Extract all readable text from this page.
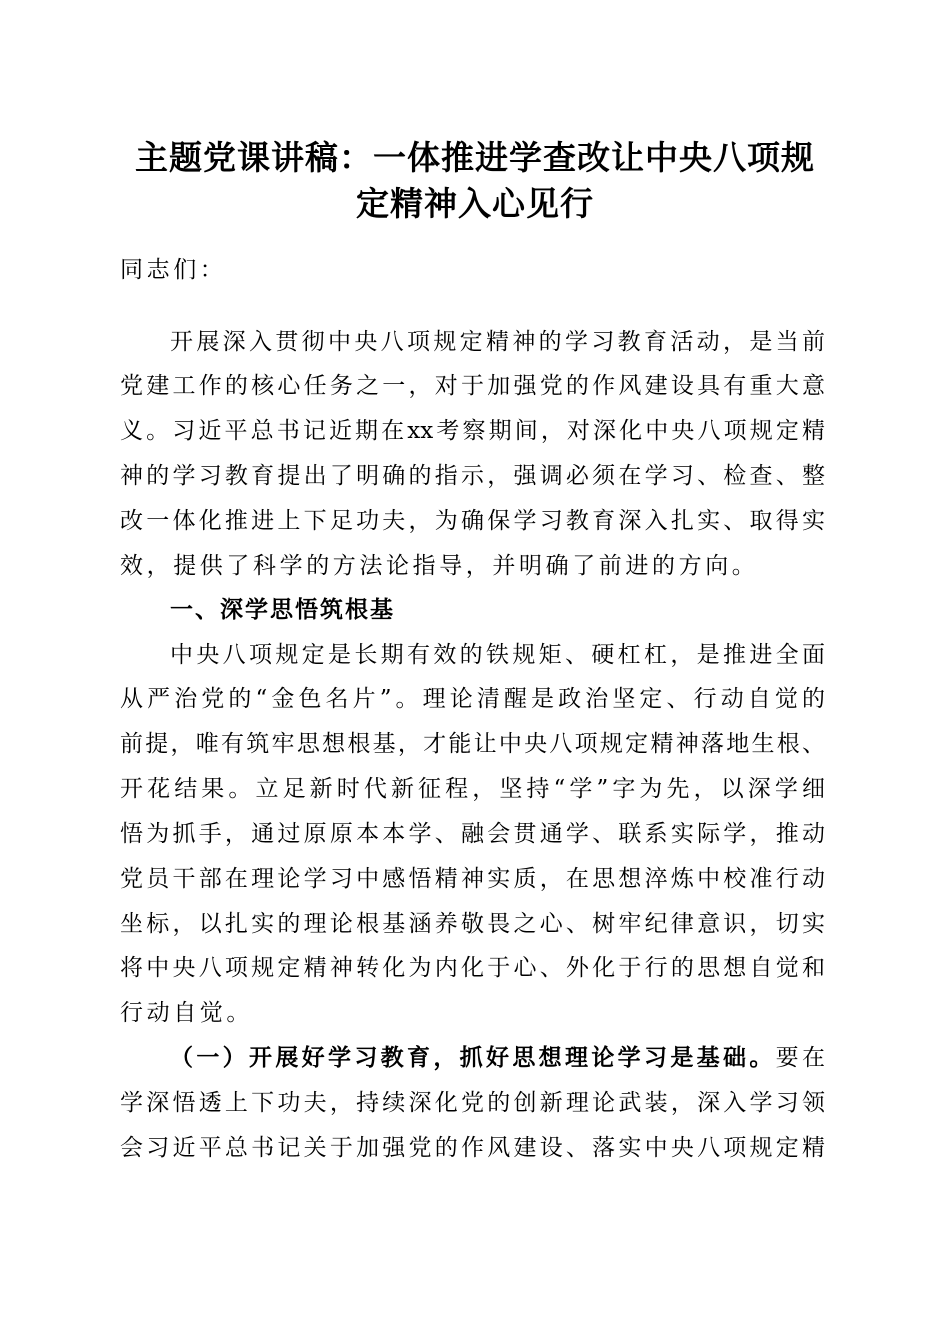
主题党课讲稿：一体推进学查改让中央八项规
定精神入心见行
同志们：
开展深入贯彻中央八项规定精神的学习教育活动，是当前
党建工作的核心任务之一，对于加强党的作风建设具有重大意
义。习近平总书记近期在xx考察期间，对深化中央八项规定精
神的学习教育提出了明确的指示，强调必须在学习、检查、整
改一体化推进上下足功夫，为确保学习教育深入扎实、取得实
效，提供了科学的方法论指导，并明确了前进的方向。
一、深学思悟筑根基
中央八项规定是长期有效的铁规矩、硬杠杠，是推进全面
从严治党的“金色名片”。理论清醒是政治坚定、行动自觉的
前提，唯有筑牢思想根基，才能让中央八项规定精神落地生根、
开花结果。立足新时代新征程，坚持“学”字为先，以深学细
悟为抓手，通过原原本本学、融会贯通学、联系实际学，推动
党员干部在理论学习中感悟精神实质，在思想淬炼中校准行动
坐标，以扎实的理论根基涵养敬畏之心、树牢纪律意识，切实
将中央八项规定精神转化为内化于心、外化于行的思想自觉和
行动自觉。
（一）开展好学习教育，抓好思想理论学习是基础。要在
学深悟透上下功夫，持续深化党的创新理论武装，深入学习领
会习近平总书记关于加强党的作风建设、落实中央八项规定精
